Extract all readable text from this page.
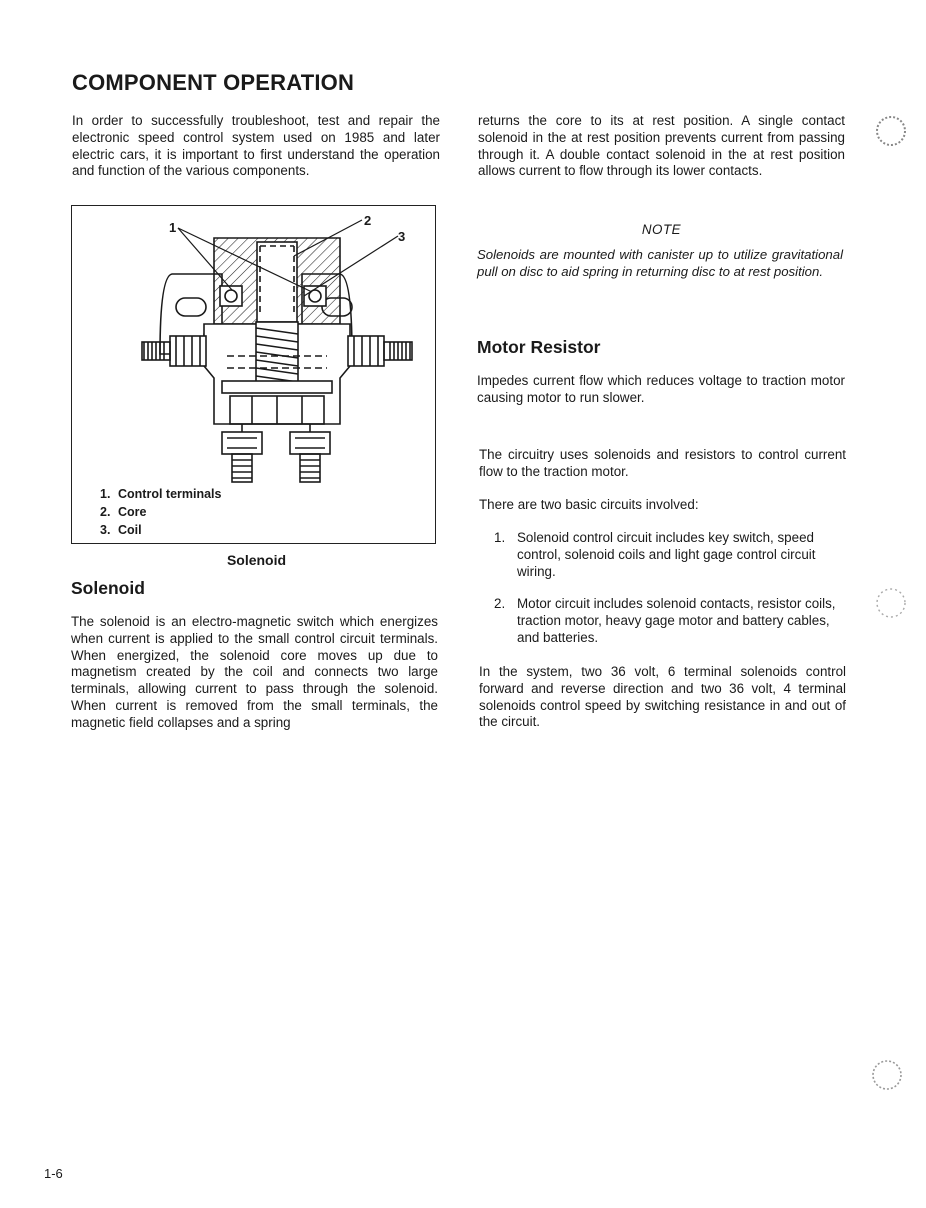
COMPONENT OPERATION

In order to successfully troubleshoot, test and repair the electronic speed control system used on 1985 and later electric cars, it is important to first understand the operation and function of the various components.

1	2
3
1. Control terminals
2. Core
3. Coil

Solenoid

Solenoid

The solenoid is an electro-magnetic switch which energizes when current is applied to the small control circuit terminals. When energized, the solenoid core moves up due to magnetism created by the coil and connects two large terminals, allowing current to pass through the solenoid. When current is removed from the small terminals, the magnetic field collapses and a spring

returns the core to its at rest position. A single contact solenoid in the at rest position prevents current from passing through it. A double contact solenoid in the at rest position allows current to flow through its lower contacts.

NOTE

Solenoids are mounted with canister up to utilize gravitational pull on disc to aid spring in returning disc to at rest position.

Motor Resistor

Impedes current flow which reduces voltage to traction motor causing motor to run slower.

The circuitry uses solenoids and resistors to control current flow to the traction motor.

There are two basic circuits involved:

1. Solenoid control circuit includes key switch, speed control, solenoid coils and light gage control circuit wiring.
2. Motor circuit includes solenoid contacts, resistor coils, traction motor, heavy gage motor and battery cables, and batteries.

In the system, two 36 volt, 6 terminal solenoids control forward and reverse direction and two 36 volt, 4 terminal solenoids control speed by switching resistance in and out of the circuit.

1-6
